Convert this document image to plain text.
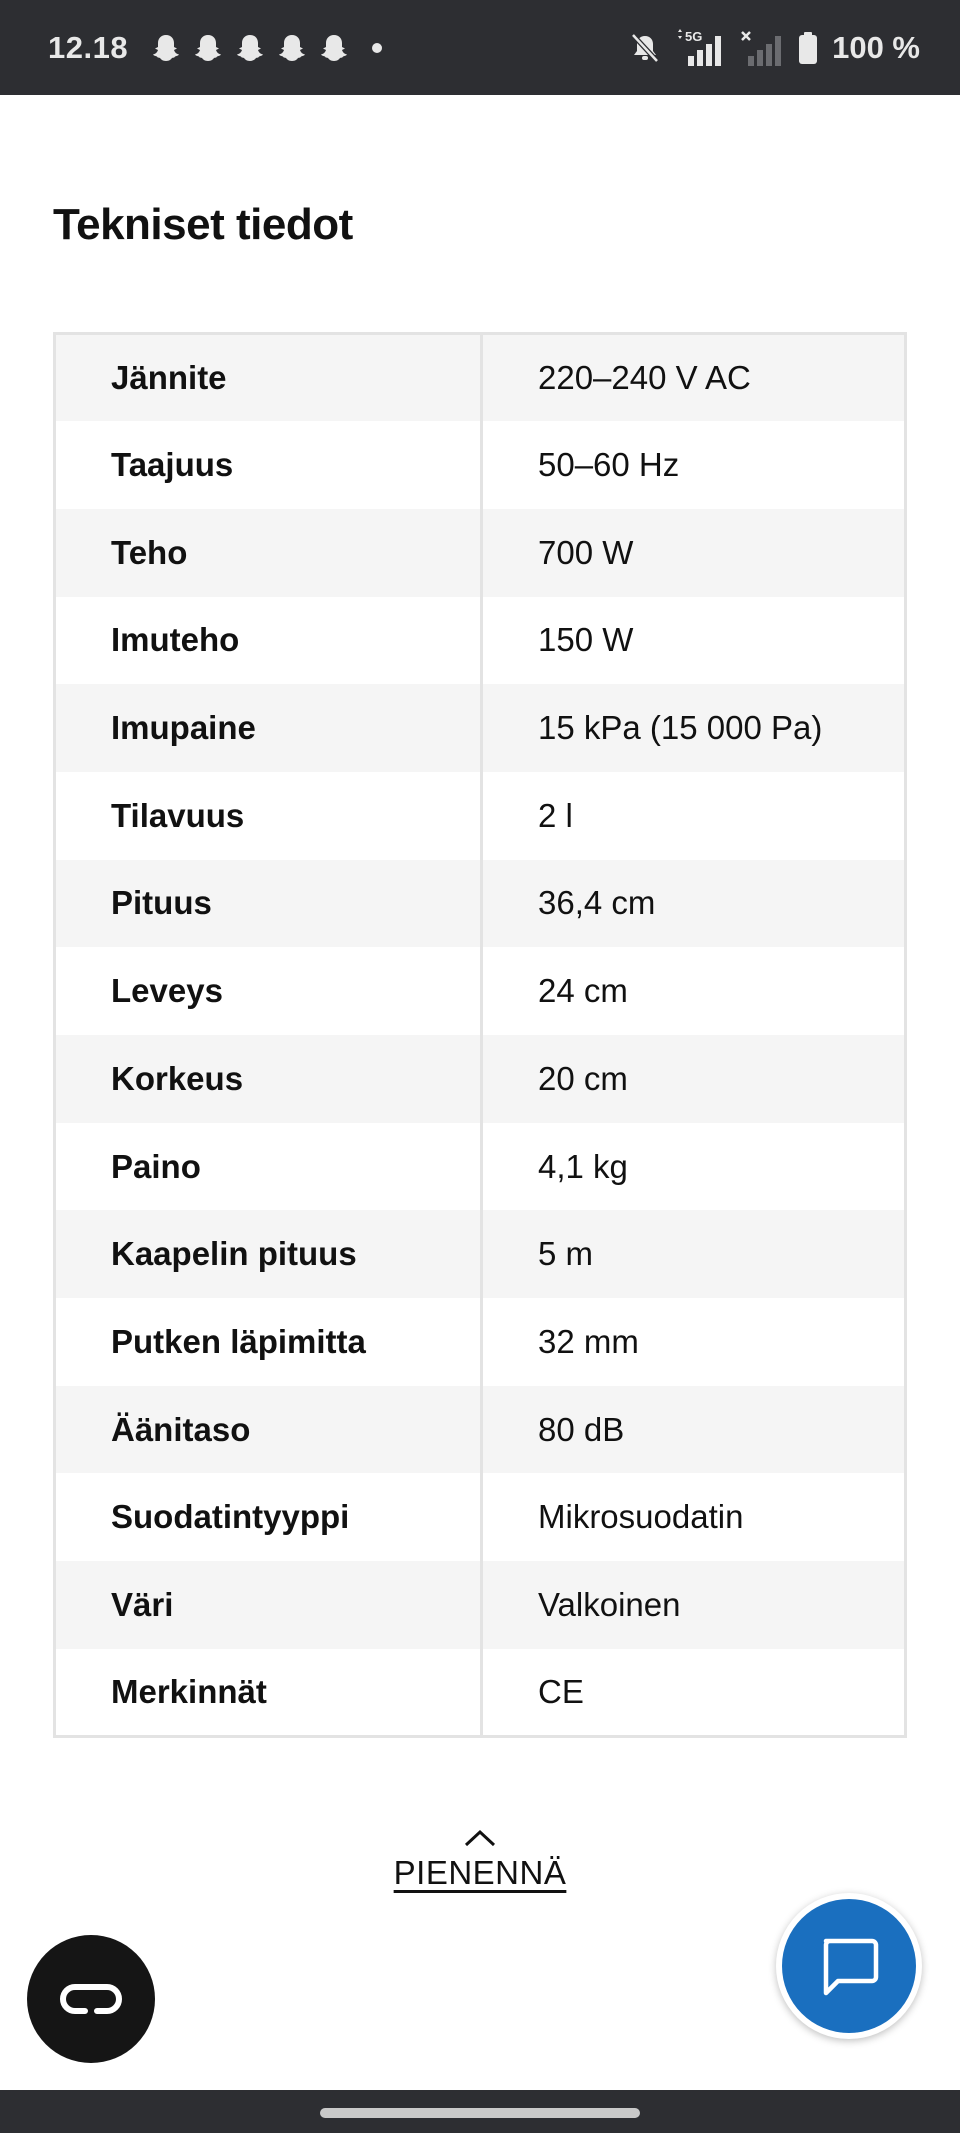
12.18	5G	100 %
Tekniset tiedot
Jännite	220–240 V AC
Taajuus	50–60 Hz
Teho	700 W
Imuteho	150 W
Imupaine	15 kPa (15 000 Pa)
Tilavuus	2 l
Pituus	36,4 cm
Leveys	24 cm
Korkeus	20 cm
Paino	4,1 kg
Kaapelin pituus	5 m
Putken läpimitta	32 mm
Äänitaso	80 dB
Suodatintyyppi	Mikrosuodatin
Väri	Valkoinen
Merkinnät	CE
PIENENNÄ
